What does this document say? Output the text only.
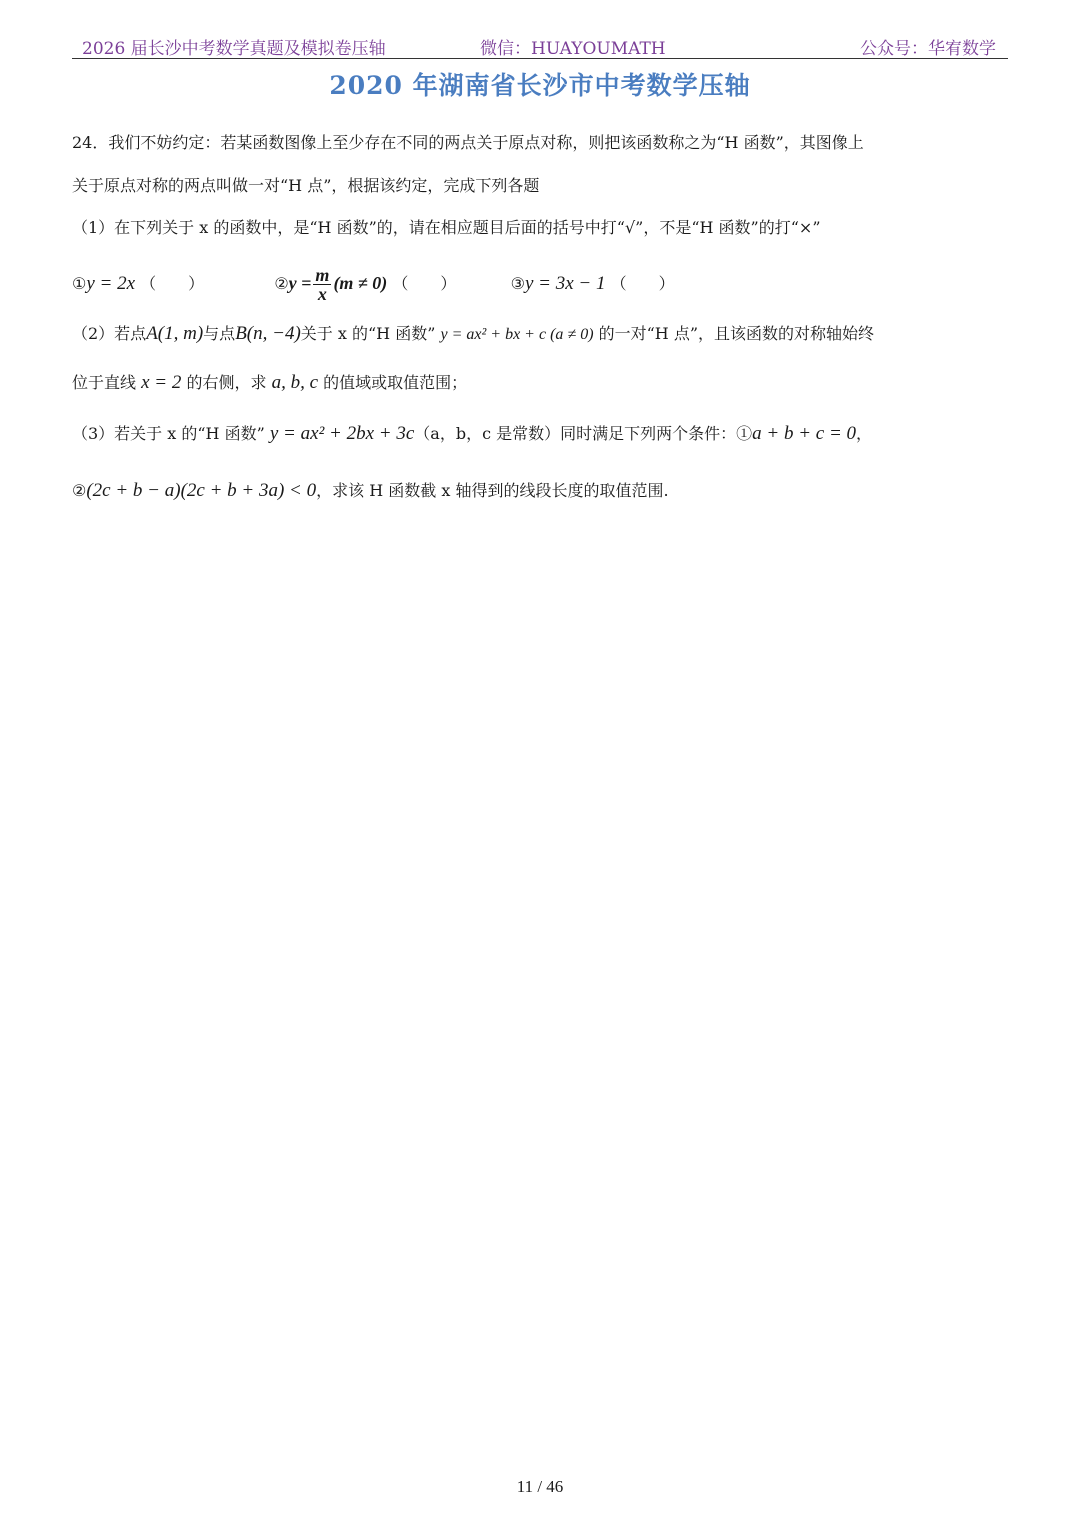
2026 届长沙中考数学真题及模拟卷压轴	微信：HUAYOUMATH	公众号：华宥数学
2020 年湖南省长沙市中考数学压轴
24．我们不妨约定：若某函数图像上至少存在不同的两点关于原点对称，则把该函数称之为“H 函数”，其图像上
关于原点对称的两点叫做一对“H 点”，根据该约定，完成下列各题
（1）在下列关于 x 的函数中，是“H 函数”的，请在相应题目后面的括号中打“√”，不是“H 函数”的打“×”
①y = 2x （　　）	②y = $\frac{m}{x} (m \ne 0)$ （　　）	③y = 3x − 1 （　　）
（2）若点A(1, m)与点B(n, −4)关于 x 的“H 函数” y = ax² + bx + c (a ≠ 0) 的一对“H 点”，且该函数的对称轴始终
位于直线 x = 2 的右侧，求 a, b, c 的值域或取值范围；
（3）若关于 x 的“H 函数” y = ax² + 2bx + 3c（a，b，c 是常数）同时满足下列两个条件：①a + b + c = 0，
②(2c + b − a)(2c + b + 3a) < 0，求该 H 函数截 x 轴得到的线段长度的取值范围.
11 / 46
